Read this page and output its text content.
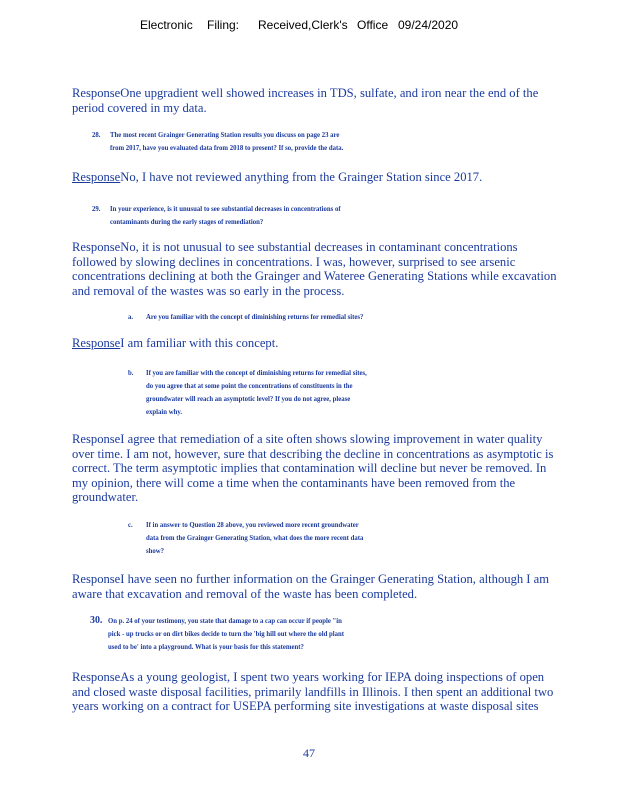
Electronic Filing: Received,Clerk's Office 09/24/2020
ResponseOne upgradient well showed increases in TDS, sulfate, and iron near the end of the period covered in my data.
28. The most recent Grainger Generating Station results you discuss on page 23 are
from 2017, have you evaluated data from 2018 to present? If so, provide the data.
ResponseNo, I have not reviewed anything from the Grainger Station since 2017.
29. In your experience, is it unusual to see substantial decreases in concentrations of
contaminants during the early stages of remediation?
ResponseNo, it is not unusual to see substantial decreases in contaminant concentrations followed by slowing declines in concentrations. I was, however, surprised to see arsenic concentrations declining at both the Grainger and Wateree Generating Stations while excavation and removal of the wastes was so early in the process.
a. Are you familiar with the concept of diminishing returns for remedial sites?
ResponseI am familiar with this concept.
b. If you are familiar with the concept of diminishing returns for remedial sites,
do you agree that at some point the concentrations of constituents in the
groundwater will reach an asymptotic level? If you do not agree, please
explain why.
ResponseI agree that remediation of a site often shows slowing improvement in water quality over time. I am not, however, sure that describing the decline in concentrations as asymptotic is correct. The term asymptotic implies that contamination will decline but never be removed. In my opinion, there will come a time when the contaminants have been removed from the groundwater.
c. If in answer to Question 28 above, you reviewed more recent groundwater
data from the Grainger Generating Station, what does the more recent data
show?
ResponseI have seen no further information on the Grainger Generating Station, although I am aware that excavation and removal of the waste has been completed.
30. On p. 24 of your testimony, you state that damage to a cap can occur if people "in
pick - up trucks or on dirt bikes decide to turn the 'big hill out where the old plant
used to be' into a playground. What is your basis for this statement?
ResponseAs a young geologist, I spent two years working for IEPA doing inspections of open and closed waste disposal facilities, primarily landfills in Illinois. I then spent an additional two years working on a contract for USEPA performing site investigations at waste disposal sites
47
